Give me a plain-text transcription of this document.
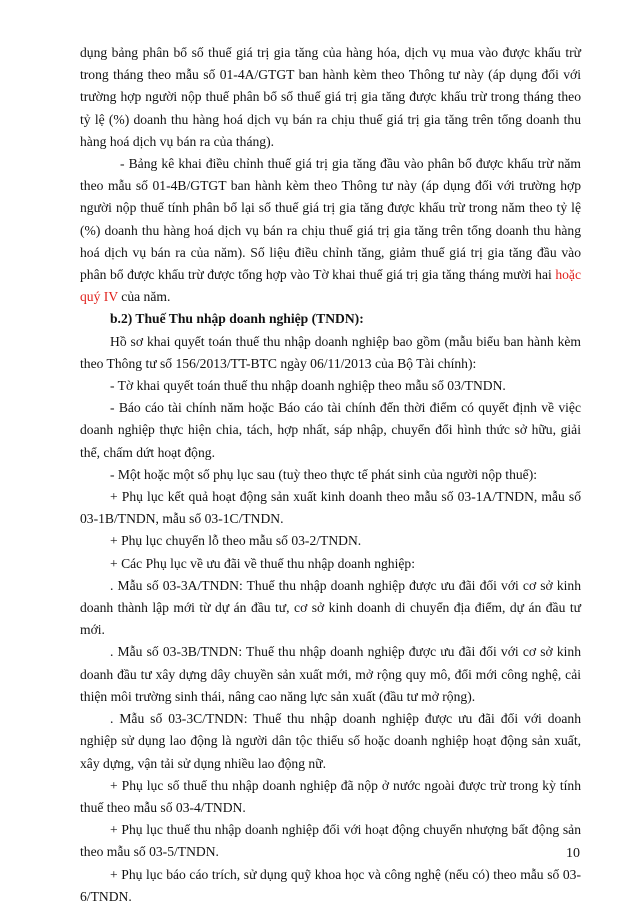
dụng bảng phân bổ số thuế giá trị gia tăng của hàng hóa, dịch vụ mua vào được khấu trừ trong tháng theo mẫu số 01-4A/GTGT ban hành kèm theo Thông tư này (áp dụng đối với trường hợp người nộp thuế phân bổ số thuế giá trị gia tăng được khấu trừ trong tháng theo tỷ lệ (%) doanh thu hàng hoá dịch vụ bán ra chịu thuế giá trị gia tăng trên tổng doanh thu hàng hoá dịch vụ bán ra của tháng).

- Bảng kê khai điều chỉnh thuế giá trị gia tăng đầu vào phân bổ được khấu trừ năm theo mẫu số 01-4B/GTGT ban hành kèm theo Thông tư này (áp dụng đối với trường hợp người nộp thuế tính phân bổ lại số thuế giá trị gia tăng được khấu trừ trong năm theo tỷ lệ (%) doanh thu hàng hoá dịch vụ bán ra chịu thuế giá trị gia tăng trên tổng doanh thu hàng hoá dịch vụ bán ra của năm). Số liệu điều chỉnh tăng, giảm thuế giá trị gia tăng đầu vào phân bổ được khấu trừ được tổng hợp vào Tờ khai thuế giá trị gia tăng tháng mười hai hoặc quý IV của năm.

b.2) Thuế Thu nhập doanh nghiệp (TNDN):

Hồ sơ khai quyết toán thuế thu nhập doanh nghiệp bao gồm (mẫu biểu ban hành kèm theo Thông tư số 156/2013/TT-BTC ngày 06/11/2013 của Bộ Tài chính):

- Tờ khai quyết toán thuế thu nhập doanh nghiệp theo mẫu số 03/TNDN.

- Báo cáo tài chính năm hoặc Báo cáo tài chính đến thời điểm có quyết định về việc doanh nghiệp thực hiện chia, tách, hợp nhất, sáp nhập, chuyển đổi hình thức sở hữu, giải thể, chấm dứt hoạt động.

- Một hoặc một số phụ lục sau (tuỳ theo thực tế phát sinh của người nộp thuế):

+ Phụ lục kết quả hoạt động sản xuất kinh doanh theo mẫu số 03-1A/TNDN, mẫu số 03-1B/TNDN, mẫu số 03-1C/TNDN.

+ Phụ lục chuyển lỗ theo mẫu số 03-2/TNDN.

+ Các Phụ lục về ưu đãi về thuế thu nhập doanh nghiệp:

. Mẫu số 03-3A/TNDN: Thuế thu nhập doanh nghiệp được ưu đãi đối với cơ sở kinh doanh thành lập mới từ dự án đầu tư, cơ sở kinh doanh di chuyển địa điểm, dự án đầu tư mới.

. Mẫu số 03-3B/TNDN: Thuế thu nhập doanh nghiệp được ưu đãi đối với cơ sở kinh doanh đầu tư xây dựng dây chuyền sản xuất mới, mở rộng quy mô, đổi mới công nghệ, cải thiện môi trường sinh thái, nâng cao năng lực sản xuất (đầu tư mở rộng).

. Mẫu số 03-3C/TNDN: Thuế thu nhập doanh nghiệp được ưu đãi đối với doanh nghiệp sử dụng lao động là người dân tộc thiểu số hoặc doanh nghiệp hoạt động sản xuất, xây dựng, vận tải sử dụng nhiều lao động nữ.

+ Phụ lục số thuế thu nhập doanh nghiệp đã nộp ở nước ngoài được trừ trong kỳ tính thuế theo mẫu số 03-4/TNDN.

+ Phụ lục thuế thu nhập doanh nghiệp đối với hoạt động chuyển nhượng bất động sản theo mẫu số 03-5/TNDN.

+ Phụ lục báo cáo trích, sử dụng quỹ khoa học và công nghệ (nếu có) theo mẫu số 03-6/TNDN.

10
